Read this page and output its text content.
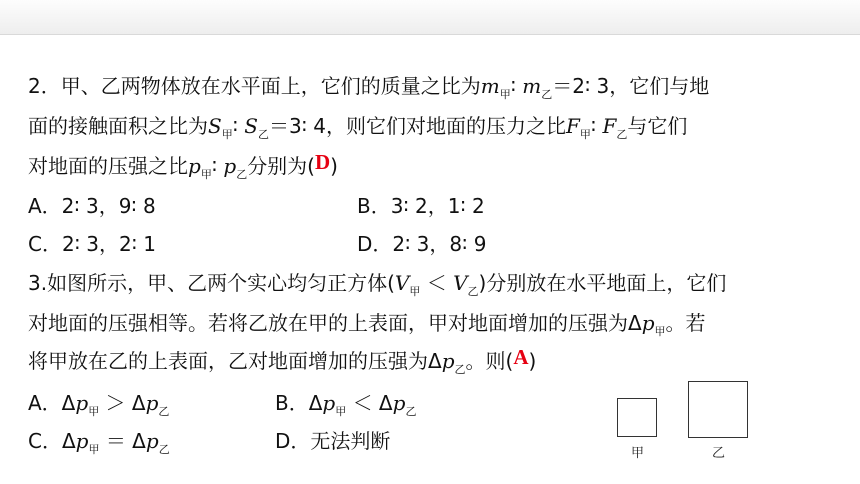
2．甲、乙两物体放在水平面上，它们的质量之比为$m_甲∶$ $m_乙=2∶$ 3，它们与地
面的接触面积之比为$S_甲∶$ $S_乙=3∶$ 4，则它们对地面的压力之比$F_甲∶$ $F_乙$与它们
对地面的压强之比$p_甲∶$ $p_乙$分别为(D)
A．2∶ 3，9∶ 8	B．3∶ 2，1∶ 2
C．2∶ 3，2∶ 1	D．2∶ 3，8∶ 9
3.如图所示，甲、乙两个实心均匀正方体$(V_甲 < V_乙)$分别放在水平地面上，它们
对地面的压强相等。若将乙放在甲的上表面，甲对地面增加的压强为$\Delta p_甲$。若
将甲放在乙的上表面，乙对地面增加的压强为$\Delta p_乙$。则(A)
A．$\Delta p_甲 > \Delta p_乙$	B．$\Delta p_甲 < \Delta p_乙$
C．$\Delta p_甲 = \Delta p_乙$	D．无法判断
甲	乙
